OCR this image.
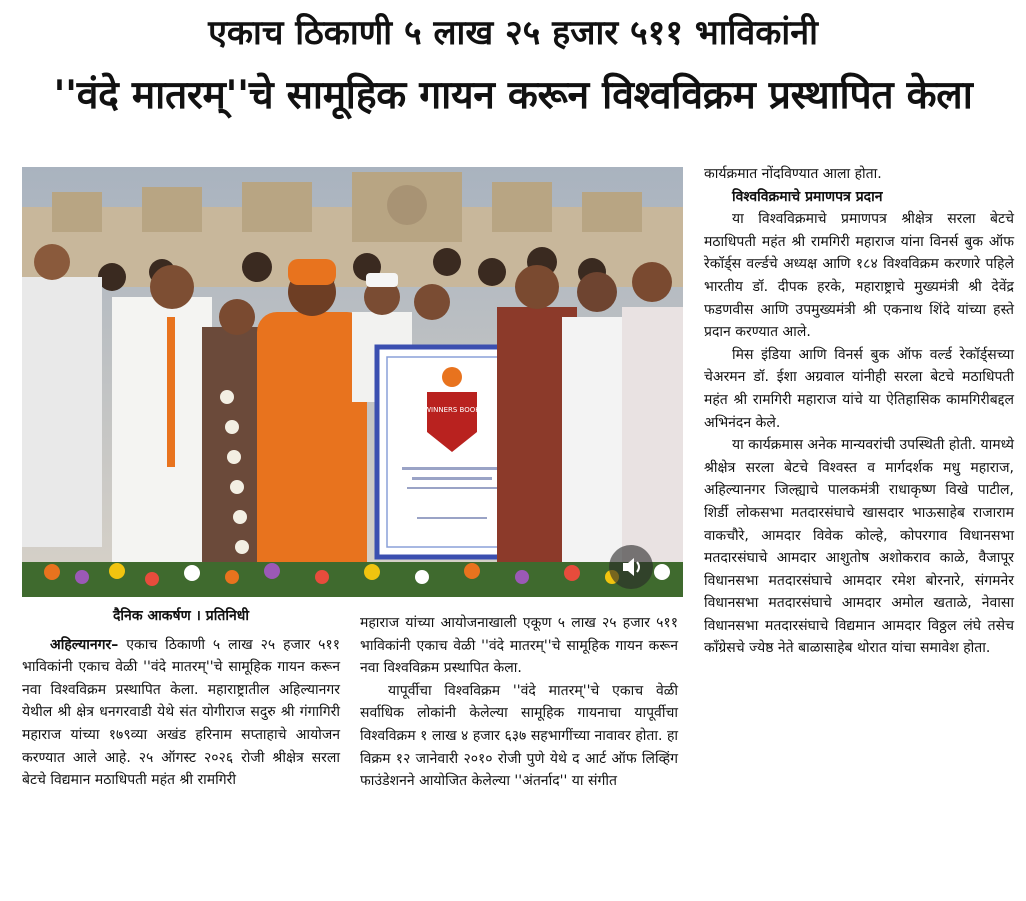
एकाच ठिकाणी ५ लाख २५ हजार ५११ भाविकांनी
''वंदे मातरम्''चे सामूहिक गायन करून विश्वविक्रम प्रस्थापित केला
WINNERS BOOK

दैनिक आकर्षण । प्रतिनिधी

अहिल्यानगर– एकाच ठिकाणी ५ लाख २५ हजार ५११ भाविकांनी एकाच वेळी ''वंदे मातरम्''चे सामूहिक गायन करून नवा विश्वविक्रम प्रस्थापित केला. महाराष्ट्रातील अहिल्यानगर येथील श्री क्षेत्र धनगरवाडी येथे संत योगीराज सदुरु श्री गंगागिरी महाराज यांच्या १७९व्या अखंड हरिनाम सप्ताहाचे आयोजन करण्यात आले आहे. २५ ऑगस्ट २०२६ रोजी श्रीक्षेत्र सरला बेटचे विद्यमान मठाधिपती महंत श्री रामगिरी

महाराज यांच्या आयोजनाखाली एकूण ५ लाख २५ हजार ५११ भाविकांनी एकाच वेळी ''वंदे मातरम्''चे सामूहिक गायन करून नवा विश्वविक्रम प्रस्थापित केला.

यापूर्वीचा विश्वविक्रम ''वंदे मातरम्''चे एकाच वेळी सर्वाधिक लोकांनी केलेल्या सामूहिक गायनाचा यापूर्वीचा विश्वविक्रम १ लाख ४ हजार ६३७ सहभागींच्या नावावर होता. हा विक्रम १२ जानेवारी २०१० रोजी पुणे येथे द आर्ट ऑफ लिव्हिंग फाउंडेशनने आयोजित केलेल्या ''अंतर्नाद'' या संगीत

कार्यक्रमात नोंदविण्यात आला होता.

विश्वविक्रमाचे प्रमाणपत्र प्रदान

या विश्वविक्रमाचे प्रमाणपत्र श्रीक्षेत्र सरला बेटचे मठाधिपती महंत श्री रामगिरी महाराज यांना विनर्स बुक ऑफ रेकॉर्ड्स वर्ल्डचे अध्यक्ष आणि १८४ विश्वविक्रम करणारे पहिले भारतीय डॉ. दीपक हरके, महाराष्ट्राचे मुख्यमंत्री श्री देवेंद्र फडणवीस आणि उपमुख्यमंत्री श्री एकनाथ शिंदे यांच्या हस्ते प्रदान करण्यात आले.

मिस इंडिया आणि विनर्स बुक ऑफ वर्ल्ड रेकॉर्ड्सच्या चेअरमन डॉ. ईशा अग्रवाल यांनीही सरला बेटचे मठाधिपती महंत श्री रामगिरी महाराज यांचे या ऐतिहासिक कामगिरीबद्दल अभिनंदन केले.

या कार्यक्रमास अनेक मान्यवरांची उपस्थिती होती. यामध्ये श्रीक्षेत्र सरला बेटचे विश्वस्त व मार्गदर्शक मधु महाराज, अहिल्यानगर जिल्ह्याचे पालकमंत्री राधाकृष्ण विखे पाटील, शिर्डी लोकसभा मतदारसंघाचे खासदार भाऊसाहेब राजाराम वाकचौरे, आमदार विवेक कोल्हे, कोपरगाव विधानसभा मतदारसंघाचे आमदार आशुतोष अशोकराव काळे, वैजापूर विधानसभा मतदारसंघाचे आमदार रमेश बोरनारे, संगमनेर विधानसभा मतदारसंघाचे आमदार अमोल खताळे, नेवासा विधानसभा मतदारसंघाचे विद्यमान आमदार विठ्ठल लंघे तसेच काँग्रेसचे ज्येष्ठ नेते बाळासाहेब थोरात यांचा समावेश होता.
